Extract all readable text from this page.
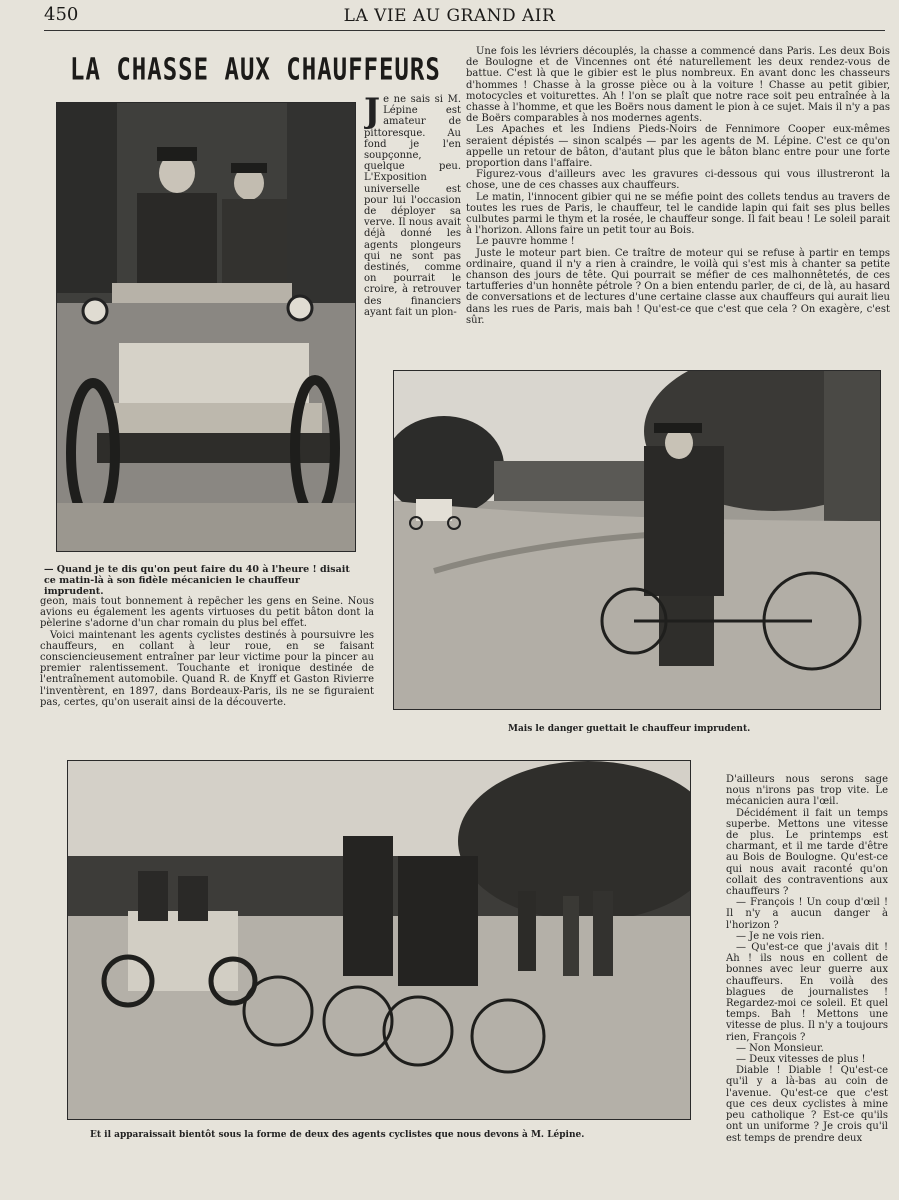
450	LA VIE AU GRAND AIR
LA CHASSE AUX CHAUFFEURS

Je ne sais si M. Lépine est amateur de pittoresque. Au fond je l'en soupçonne, quelque peu. L'Exposition universelle est pour lui l'occasion de déployer sa verve. Il nous avait déjà donné les agents plongeurs qui ne sont pas destinés, comme on pourrait le croire, à retrouver des financiers ayant fait un plon-

— Quand je te dis qu'on peut faire du 40 à l'heure ! disait ce matin-là à son fidèle mécanicien le chauffeur imprudent.

geon, mais tout bonnement à repêcher les gens en Seine. Nous avions eu également les agents virtuoses du petit bâton dont la pèlerine s'adorne d'un char romain du plus bel effet.

Voici maintenant les agents cyclistes destinés à poursuivre les chauffeurs, en collant à leur roue, en se faisant consciencieusement entraîner par leur victime pour la pincer au premier ralentissement. Touchante et ironique destinée de l'entraînement automobile. Quand R. de Knyff et Gaston Rivierre l'inventèrent, en 1897, dans Bordeaux-Paris, ils ne se figuraient pas, certes, qu'on userait ainsi de la découverte.

Une fois les lévriers découplés, la chasse a commencé dans Paris. Les deux Bois de Boulogne et de Vincennes ont été naturellement les deux rendez-vous de battue. C'est là que le gibier est le plus nombreux. En avant donc les chasseurs d'hommes ! Chasse à la grosse pièce ou à la voiture ! Chasse au petit gibier, motocycles et voiturettes. Ah ! l'on se plaît que notre race soit peu entraînée à la chasse à l'homme, et que les Boërs nous dament le pion à ce sujet. Mais il n'y a pas de Boërs comparables à nos modernes agents.

Les Apaches et les Indiens Pieds-Noirs de Fennimore Cooper eux-mêmes seraient dépistés — sinon scalpés — par les agents de M. Lépine. C'est ce qu'on appelle un retour de bâton, d'autant plus que le bâton blanc entre pour une forte proportion dans l'affaire.

Figurez-vous d'ailleurs avec les gravures ci-dessous qui vous illustreront la chose, une de ces chasses aux chauffeurs.

Le matin, l'innocent gibier qui ne se méfie point des collets tendus au travers de toutes les rues de Paris, le chauffeur, tel le candide lapin qui fait ses plus belles culbutes parmi le thym et la rosée, le chauffeur songe. Il fait beau ! Le soleil parait à l'horizon. Allons faire un petit tour au Bois.

Le pauvre homme !

Juste le moteur part bien. Ce traître de moteur qui se refuse à partir en temps ordinaire, quand il n'y a rien à craindre, le voilà qui s'est mis à chanter sa petite chanson des jours de tête. Qui pourrait se méfier de ces malhonnêtetés, de ces tartufferies d'un honnête pétrole ? On a bien entendu parler, de ci, de là, au hasard de conversations et de lectures d'une certaine classe aux chauffeurs qui aurait lieu dans les rues de Paris, mais bah ! Qu'est-ce que c'est que cela ? On exagère, c'est sûr.

Mais le danger guettait le chauffeur imprudent.
Et il apparaissait bientôt sous la forme de deux des agents cyclistes que nous devons à M. Lépine.

D'ailleurs nous serons sage nous n'irons pas trop vite. Le mécanicien aura l'œil.

Décidément il fait un temps superbe. Mettons une vitesse de plus. Le printemps est charmant, et il me tarde d'être au Bois de Boulogne. Qu'est-ce qui nous avait raconté qu'on collait des contraventions aux chauffeurs ?

— François ! Un coup d'œil ! Il n'y a aucun danger à l'horizon ?

— Je ne vois rien.

— Qu'est-ce que j'avais dit ! Ah ! ils nous en collent de bonnes avec leur guerre aux chauffeurs. En voilà des blagues de journalistes ! Regardez-moi ce soleil. Et quel temps. Bah ! Mettons une vitesse de plus. Il n'y a toujours rien, François ?

— Non Monsieur.

— Deux vitesses de plus !

Diable ! Diable ! Qu'est-ce qu'il y a là-bas au coin de l'avenue. Qu'est-ce que c'est que ces deux cyclistes à mine peu catholique ? Est-ce qu'ils ont un uniforme ? Je crois qu'il est temps de prendre deux
